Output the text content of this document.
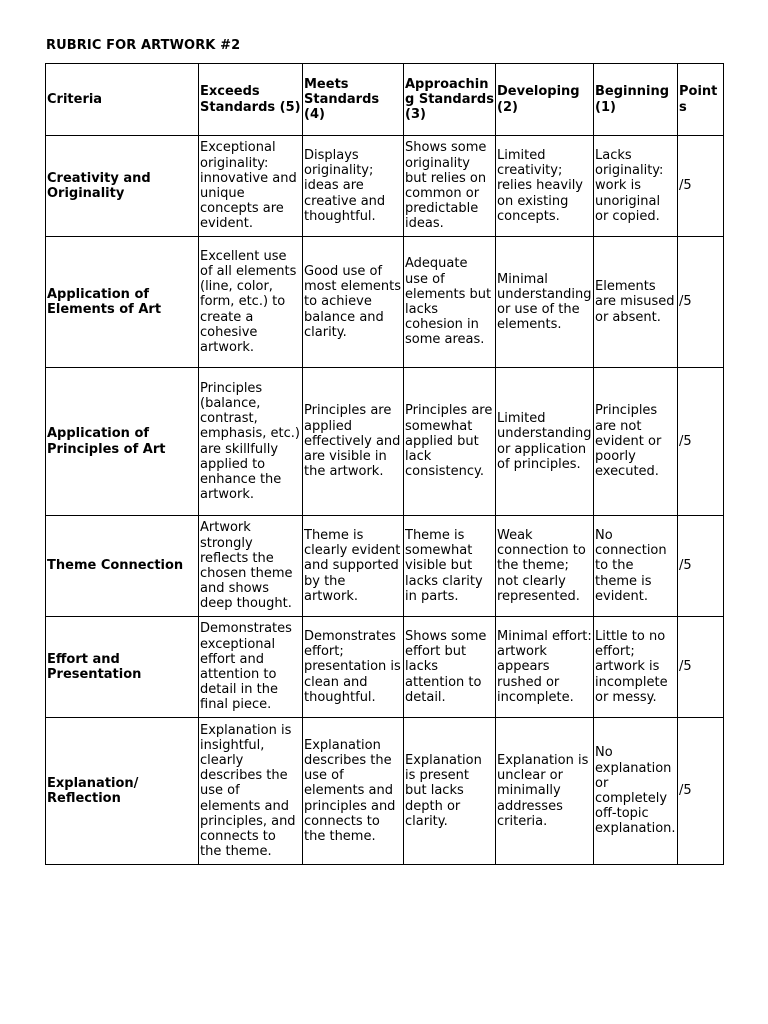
RUBRIC FOR ARTWORK #2
Criteria	Exceeds Standards (5)	Meets Standards (4)	Approaching Standards (3)	Developing (2)	Beginning (1)	Points
Creativity and Originality	Exceptional originality: innovative and unique concepts are evident.	Displays originality; ideas are creative and thoughtful.	Shows some originality but relies on common or predictable ideas.	Limited creativity; relies heavily on existing concepts.	Lacks originality: work is unoriginal or copied.	/5
Application of Elements of Art	Excellent use of all elements (line, color, form, etc.) to create a cohesive artwork.	Good use of most elements to achieve balance and clarity.	Adequate use of elements but lacks cohesion in some areas.	Minimal understanding or use of the elements.	Elements are misused or absent.	/5
Application of Principles of Art	Principles (balance, contrast, emphasis, etc.) are skillfully applied to enhance the artwork.	Principles are applied effectively and are visible in the artwork.	Principles are somewhat applied but lack consistency.	Limited understanding or application of principles.	Principles are not evident or poorly executed.	/5
Theme Connection	Artwork strongly reflects the chosen theme and shows deep thought.	Theme is clearly evident and supported by the artwork.	Theme is somewhat visible but lacks clarity in parts.	Weak connection to the theme; not clearly represented.	No connection to the theme is evident.	/5
Effort and Presentation	Demonstrates exceptional effort and attention to detail in the final piece.	Demonstrates effort; presentation is clean and thoughtful.	Shows some effort but lacks attention to detail.	Minimal effort: artwork appears rushed or incomplete.	Little to no effort; artwork is incomplete or messy.	/5
Explanation/ Reflection	Explanation is insightful, clearly describes the use of elements and principles, and connects to the theme.	Explanation describes the use of elements and principles and connects to the theme.	Explanation is present but lacks depth or clarity.	Explanation is unclear or minimally addresses criteria.	No explanation or completely off-topic explanation.	/5
